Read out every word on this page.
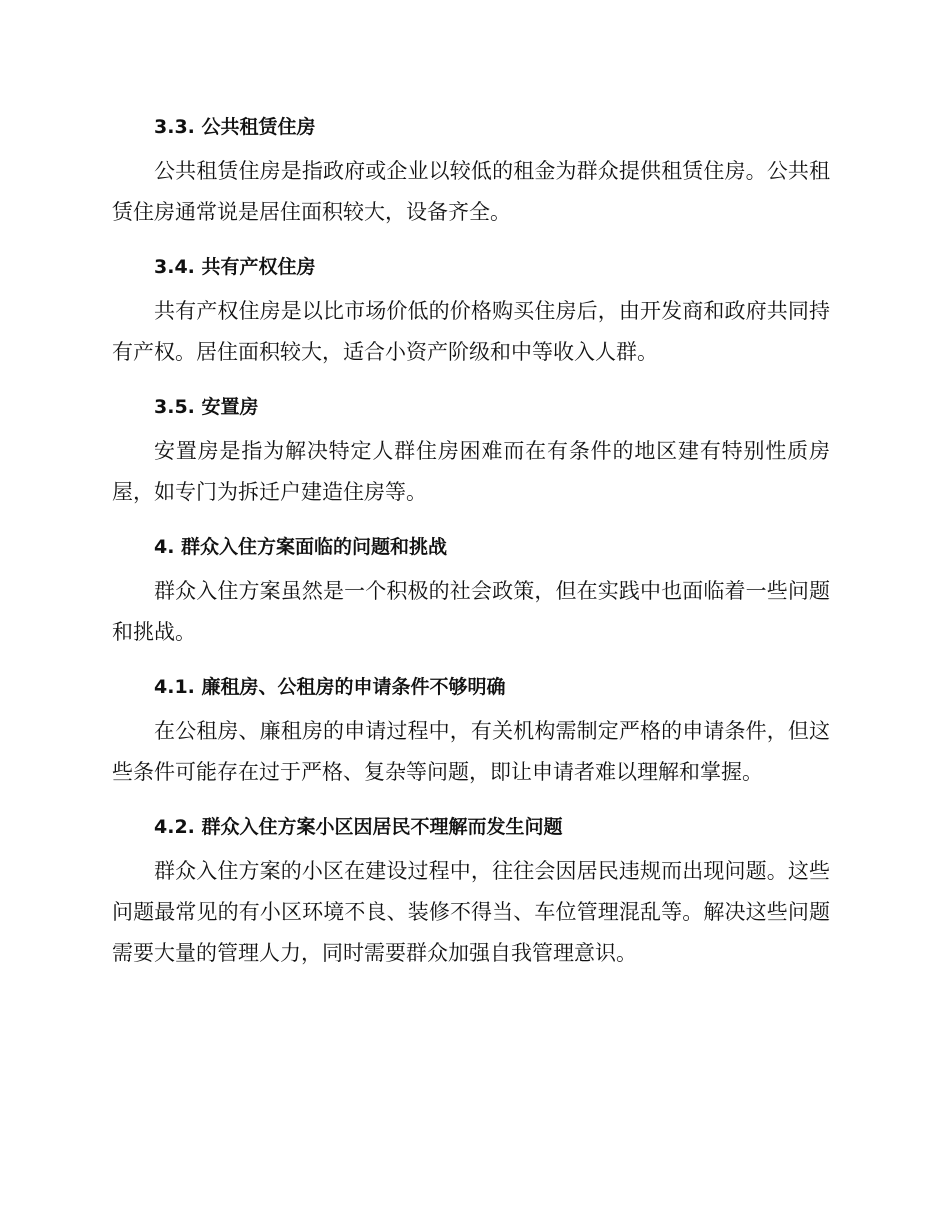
3.3. 公共租赁住房

公共租赁住房是指政府或企业以较低的租金为群众提供租赁住房。公共租赁住房通常说是居住面积较大，设备齐全。

3.4. 共有产权住房

共有产权住房是以比市场价低的价格购买住房后，由开发商和政府共同持有产权。居住面积较大，适合小资产阶级和中等收入人群。

3.5. 安置房

安置房是指为解决特定人群住房困难而在有条件的地区建有特别性质房屋，如专门为拆迁户建造住房等。

4. 群众入住方案面临的问题和挑战

群众入住方案虽然是一个积极的社会政策，但在实践中也面临着一些问题和挑战。

4.1. 廉租房、公租房的申请条件不够明确

在公租房、廉租房的申请过程中，有关机构需制定严格的申请条件，但这些条件可能存在过于严格、复杂等问题，即让申请者难以理解和掌握。

4.2. 群众入住方案小区因居民不理解而发生问题

群众入住方案的小区在建设过程中，往往会因居民违规而出现问题。这些问题最常见的有小区环境不良、装修不得当、车位管理混乱等。解决这些问题需要大量的管理人力，同时需要群众加强自我管理意识。
